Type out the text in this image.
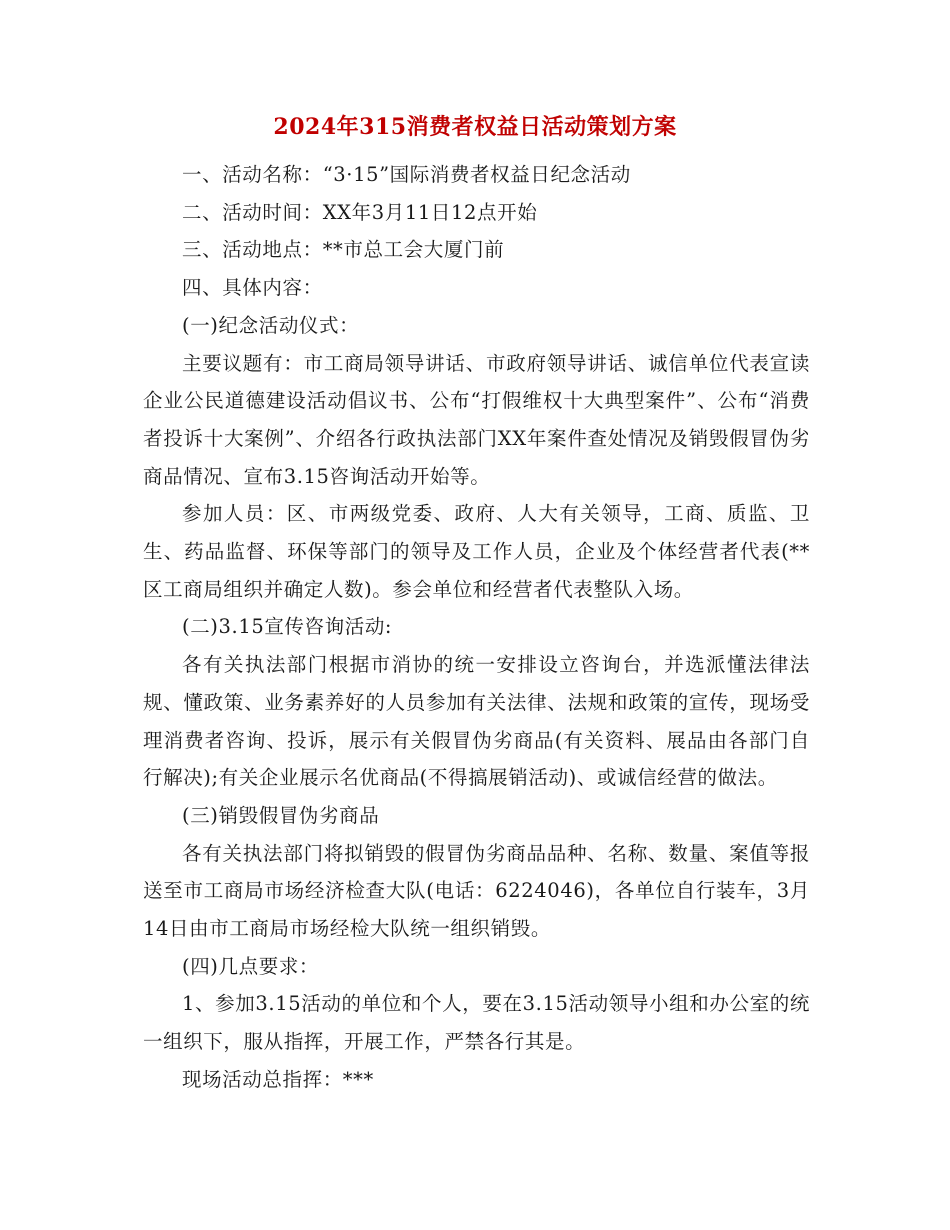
2024年315消费者权益日活动策划方案

一、活动名称：“3·15”国际消费者权益日纪念活动

二、活动时间：XX年3月11日12点开始

三、活动地点：**市总工会大厦门前

四、具体内容：

(一)纪念活动仪式：

主要议题有：市工商局领导讲话、市政府领导讲话、诚信单位代表宣读企业公民道德建设活动倡议书、公布“打假维权十大典型案件”、公布“消费者投诉十大案例”、介绍各行政执法部门XX年案件查处情况及销毁假冒伪劣商品情况、宣布3.15咨询活动开始等。

参加人员：区、市两级党委、政府、人大有关领导，工商、质监、卫生、药品监督、环保等部门的领导及工作人员，企业及个体经营者代表(**区工商局组织并确定人数)。参会单位和经营者代表整队入场。

(二)3.15宣传咨询活动:

各有关执法部门根据市消协的统一安排设立咨询台，并选派懂法律法规、懂政策、业务素养好的人员参加有关法律、法规和政策的宣传，现场受理消费者咨询、投诉，展示有关假冒伪劣商品(有关资料、展品由各部门自行解决);有关企业展示名优商品(不得搞展销活动)、或诚信经营的做法。

(三)销毁假冒伪劣商品

各有关执法部门将拟销毁的假冒伪劣商品品种、名称、数量、案值等报送至市工商局市场经济检查大队(电话：6224046)，各单位自行装车，3月14日由市工商局市场经检大队统一组织销毁。

(四)几点要求：

1、参加3.15活动的单位和个人，要在3.15活动领导小组和办公室的统一组织下，服从指挥，开展工作，严禁各行其是。

现场活动总指挥：***
